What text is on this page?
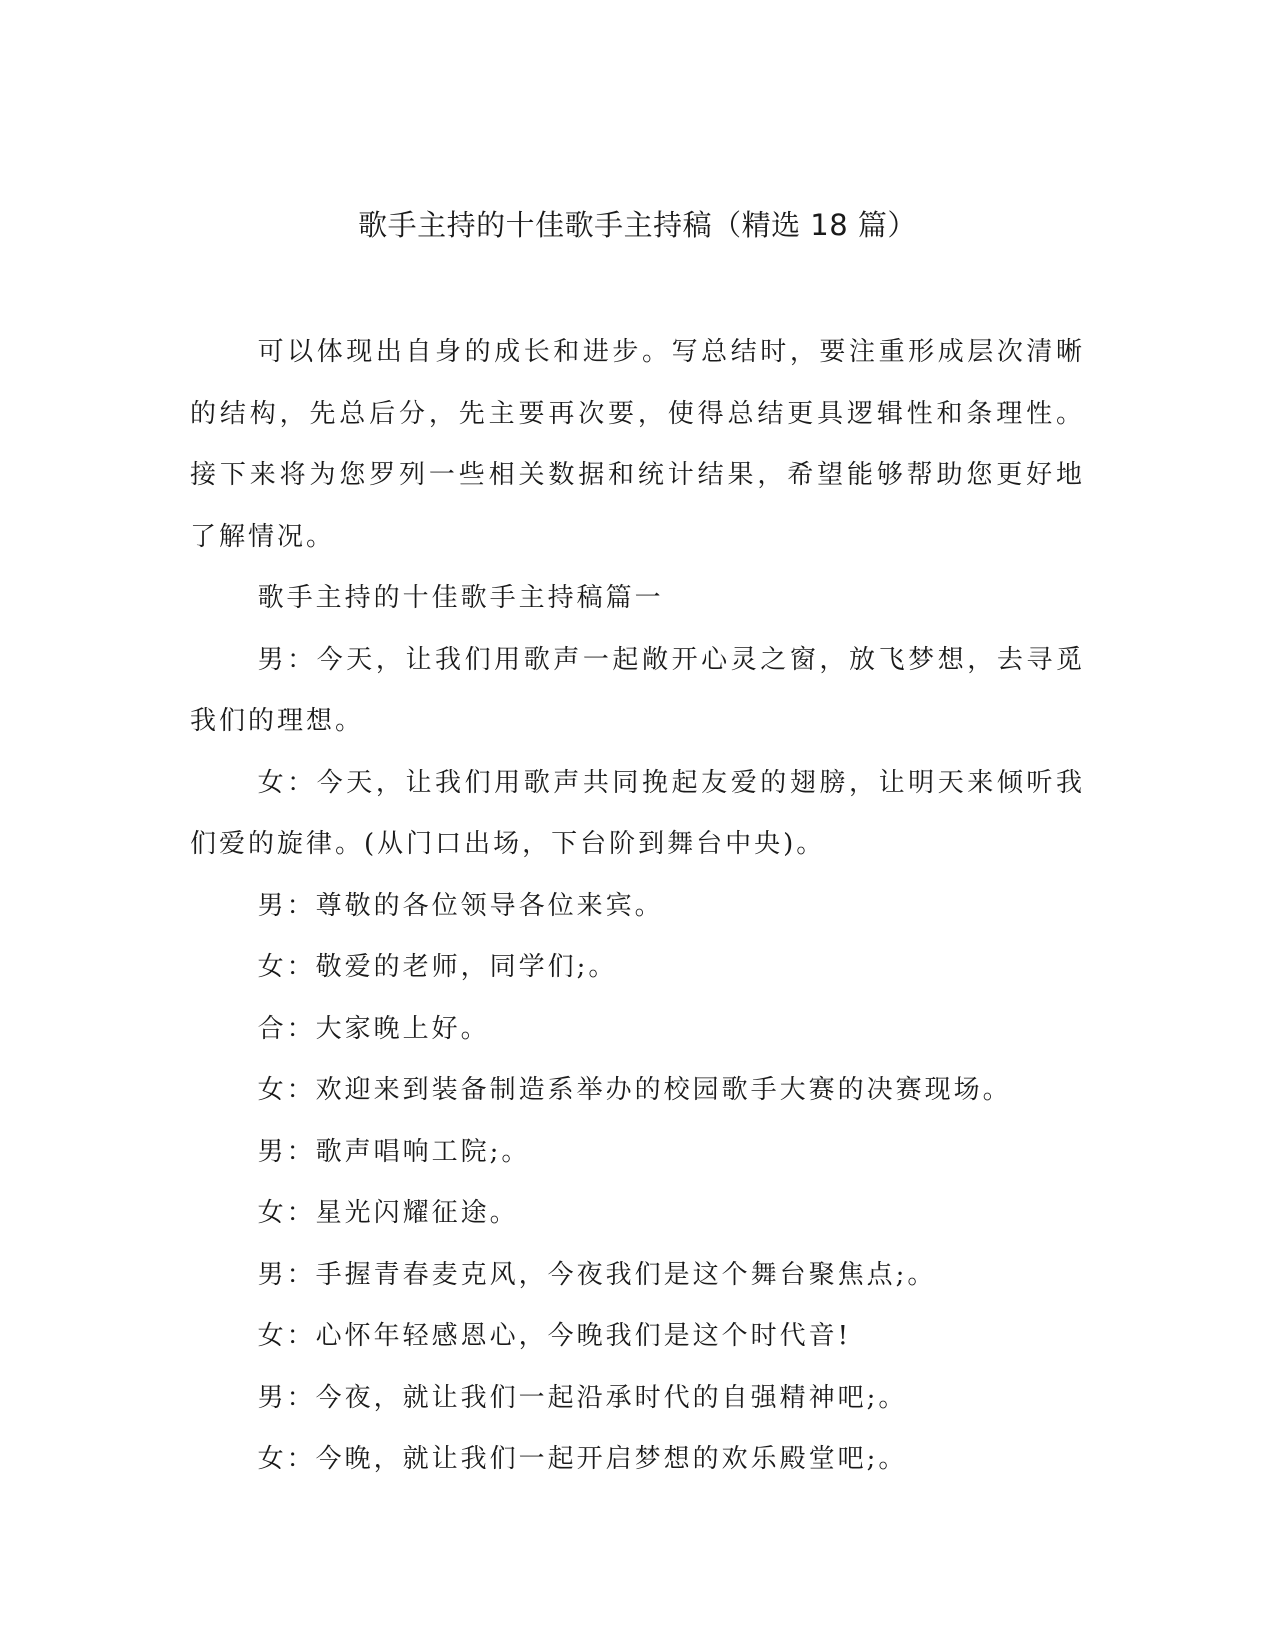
歌手主持的十佳歌手主持稿（精选 18 篇）

可以体现出自身的成长和进步。写总结时，要注重形成层次清晰的结构，先总后分，先主要再次要，使得总结更具逻辑性和条理性。接下来将为您罗列一些相关数据和统计结果，希望能够帮助您更好地了解情况。

歌手主持的十佳歌手主持稿篇一

男：今天，让我们用歌声一起敞开心灵之窗，放飞梦想，去寻觅我们的理想。

女：今天，让我们用歌声共同挽起友爱的翅膀，让明天来倾听我们爱的旋律。(从门口出场，下台阶到舞台中央)。

男：尊敬的各位领导各位来宾。

女：敬爱的老师，同学们;。

合：大家晚上好。

女：欢迎来到装备制造系举办的校园歌手大赛的决赛现场。

男：歌声唱响工院;。

女：星光闪耀征途。

男：手握青春麦克风，今夜我们是这个舞台聚焦点;。

女：心怀年轻感恩心，今晚我们是这个时代音!

男：今夜，就让我们一起沿承时代的自强精神吧;。

女：今晚，就让我们一起开启梦想的欢乐殿堂吧;。
